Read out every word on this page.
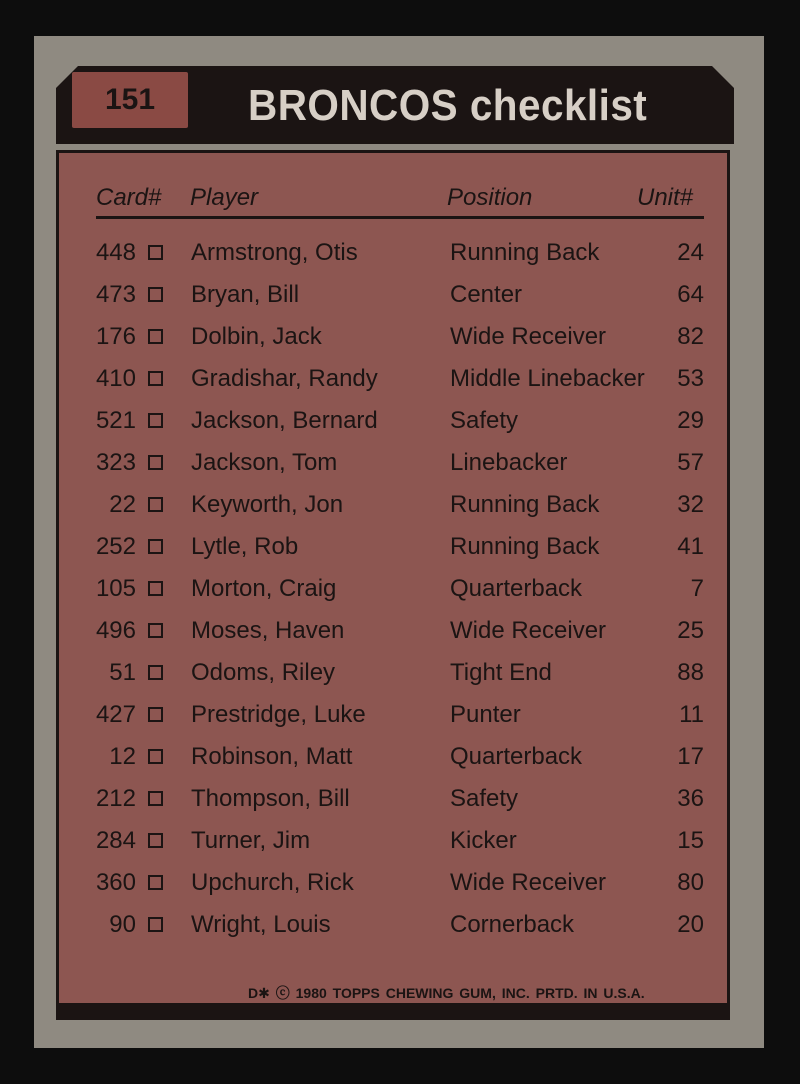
151	BRONCOS checklist
Card# Player	Position	Unit#
448 Armstrong, Otis	Running Back	24
473 Bryan, Bill	Center	64
176 Dolbin, Jack	Wide Receiver	82
410 Gradishar, Randy	Middle Linebacker	53
521 Jackson, Bernard	Safety	29
323 Jackson, Tom	Linebacker	57
22 Keyworth, Jon	Running Back	32
252 Lytle, Rob	Running Back	41
105 Morton, Craig	Quarterback	7
496 Moses, Haven	Wide Receiver	25
51 Odoms, Riley	Tight End	88
427 Prestridge, Luke	Punter	11
12 Robinson, Matt	Quarterback	17
212 Thompson, Bill	Safety	36
284 Turner, Jim	Kicker	15
360 Upchurch, Rick	Wide Receiver	80
90 Wright, Louis	Cornerback	20
D✱ ⓒ 1980 TOPPS CHEWING GUM, INC. PRTD. IN U.S.A.
